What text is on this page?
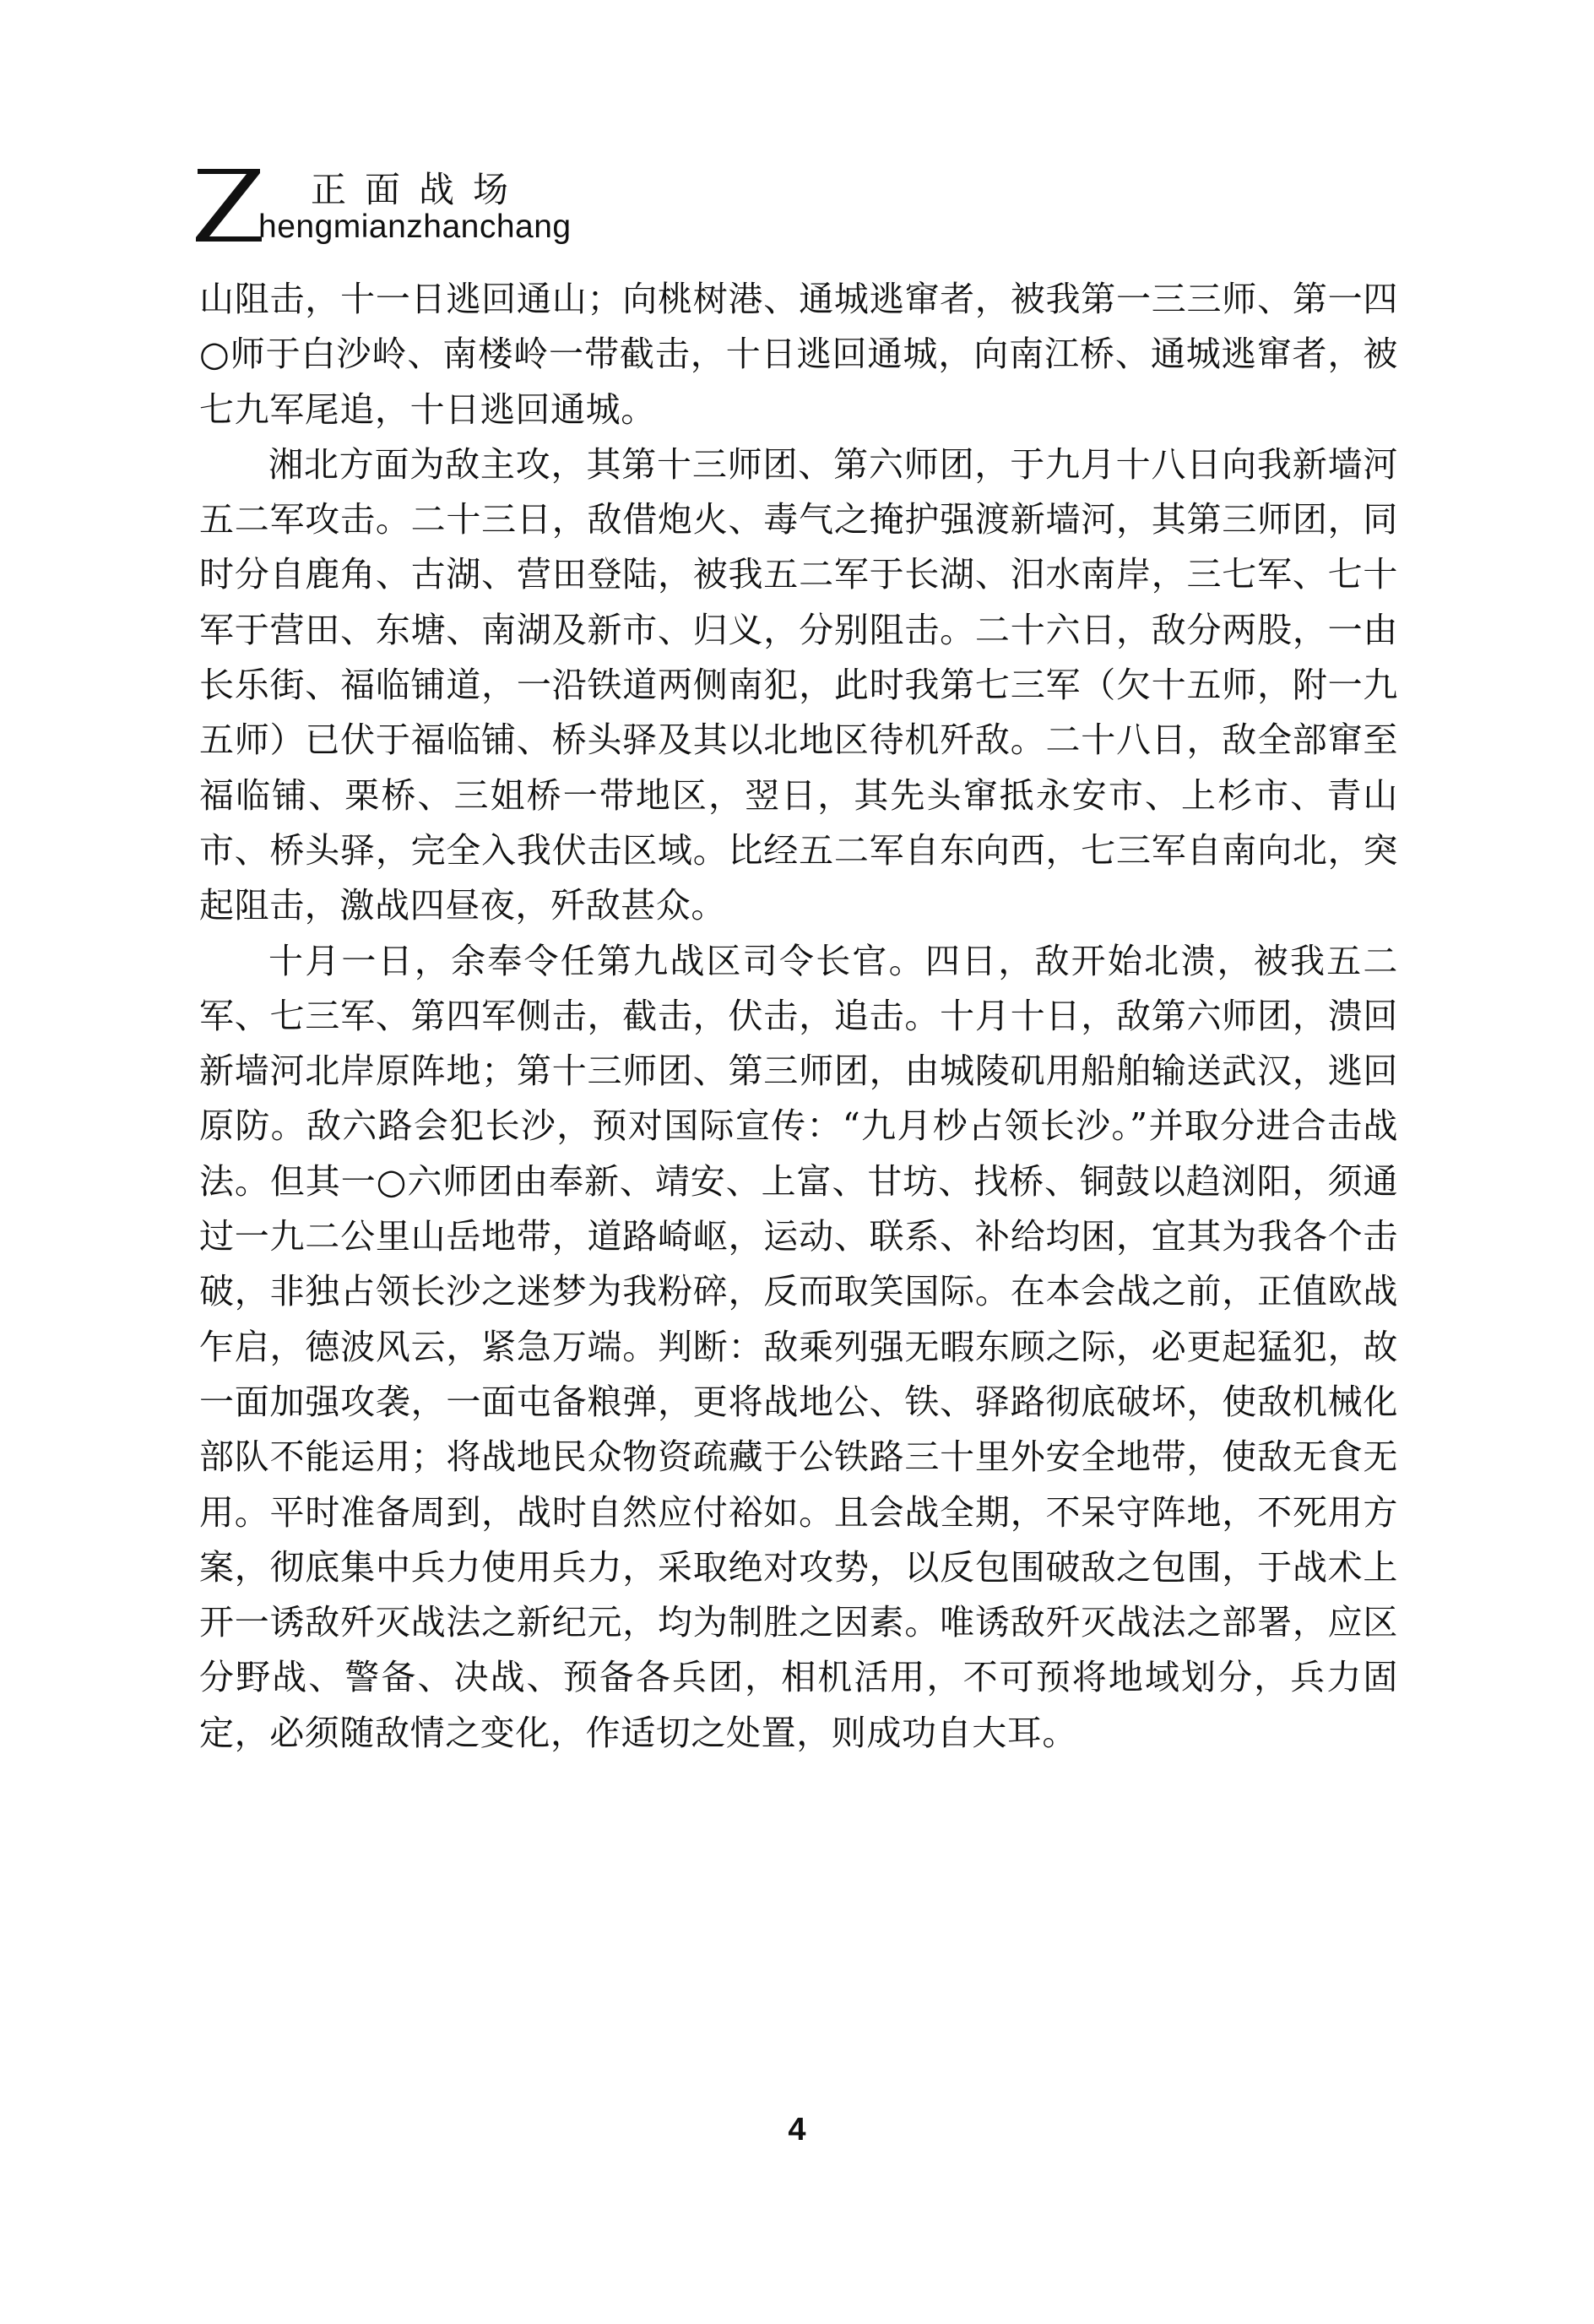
正面战场
hengmianzhanchang

山阻击，十一日逃回通山；向桃树港、通城逃窜者，被我第一三三师、第一四○师于白沙岭、南楼岭一带截击，十日逃回通城，向南江桥、通城逃窜者，被七九军尾追，十日逃回通城。

湘北方面为敌主攻，其第十三师团、第六师团，于九月十八日向我新墙河五二军攻击。二十三日，敌借炮火、毒气之掩护强渡新墙河，其第三师团，同时分自鹿角、古湖、营田登陆，被我五二军于长湖、汨水南岸，三七军、七十军于营田、东塘、南湖及新市、归义，分别阻击。二十六日，敌分两股，一由长乐街、福临铺道，一沿铁道两侧南犯，此时我第七三军（欠十五师，附一九五师）已伏于福临铺、桥头驿及其以北地区待机歼敌。二十八日，敌全部窜至福临铺、栗桥、三姐桥一带地区，翌日，其先头窜抵永安市、上杉市、青山市、桥头驿，完全入我伏击区域。比经五二军自东向西，七三军自南向北，突起阻击，激战四昼夜，歼敌甚众。

十月一日，余奉令任第九战区司令长官。四日，敌开始北溃，被我五二军、七三军、第四军侧击，截击，伏击，追击。十月十日，敌第六师团，溃回新墙河北岸原阵地；第十三师团、第三师团，由城陵矶用船舶输送武汉，逃回原防。敌六路会犯长沙，预对国际宣传：“九月杪占领长沙。”并取分进合击战法。但其一○六师团由奉新、靖安、上富、甘坊、找桥、铜鼓以趋浏阳，须通过一九二公里山岳地带，道路崎岖，运动、联系、补给均困，宜其为我各个击破，非独占领长沙之迷梦为我粉碎，反而取笑国际。在本会战之前，正值欧战乍启，德波风云，紧急万端。判断：敌乘列强无暇东顾之际，必更起猛犯，故一面加强攻袭，一面屯备粮弹，更将战地公、铁、驿路彻底破坏，使敌机械化部队不能运用；将战地民众物资疏藏于公铁路三十里外安全地带，使敌无食无用。平时准备周到，战时自然应付裕如。且会战全期，不呆守阵地，不死用方案，彻底集中兵力使用兵力，采取绝对攻势，以反包围破敌之包围，于战术上开一诱敌歼灭战法之新纪元，均为制胜之因素。唯诱敌歼灭战法之部署，应区分野战、警备、决战、预备各兵团，相机活用，不可预将地域划分，兵力固定，必须随敌情之变化，作适切之处置，则成功自大耳。

4
